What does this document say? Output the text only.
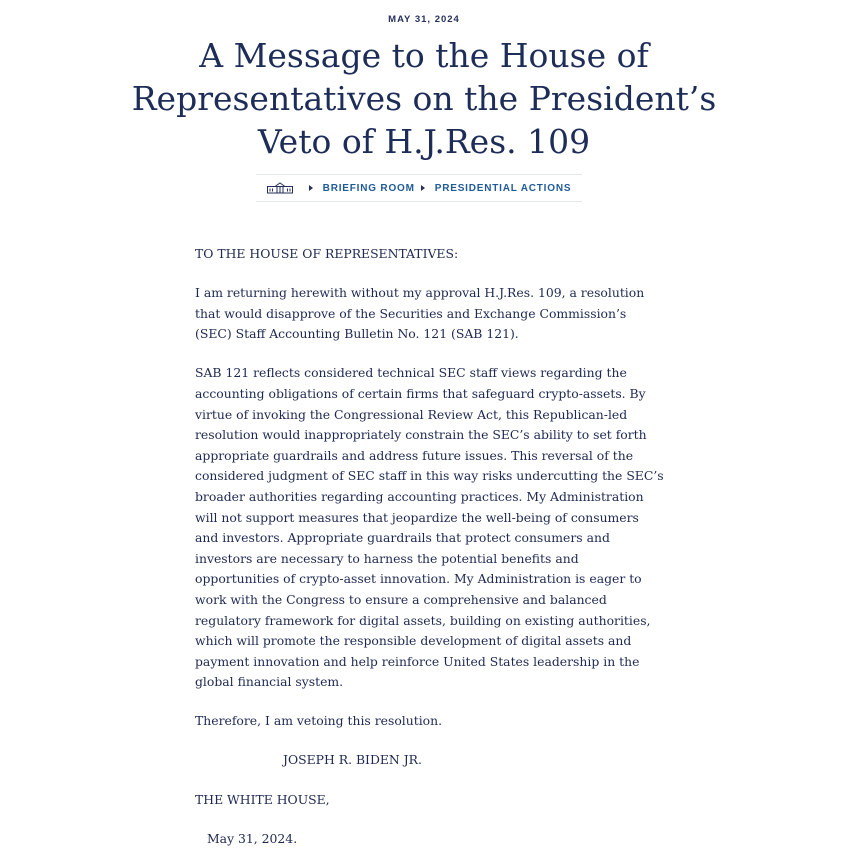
MAY 31, 2024
A Message to the House of Representatives on the President’s Veto of H.J.Res. 109
BRIEFING ROOM PRESIDENTIAL ACTIONS

TO THE HOUSE OF REPRESENTATIVES:

I am returning herewith without my approval H.J.Res. 109, a resolution that would disapprove of the Securities and Exchange Commission’s (SEC) Staff Accounting Bulletin No. 121 (SAB 121).

SAB 121 reflects considered technical SEC staff views regarding the accounting obligations of certain firms that safeguard crypto-assets. By virtue of invoking the Congressional Review Act, this Republican-led resolution would inappropriately constrain the SEC’s ability to set forth appropriate guardrails and address future issues. This reversal of the considered judgment of SEC staff in this way risks undercutting the SEC’s broader authorities regarding accounting practices. My Administration will not support measures that jeopardize the well-being of consumers and investors. Appropriate guardrails that protect consumers and investors are necessary to harness the potential benefits and opportunities of crypto-asset innovation. My Administration is eager to work with the Congress to ensure a comprehensive and balanced regulatory framework for digital assets, building on existing authorities, which will promote the responsible development of digital assets and payment innovation and help reinforce United States leadership in the global financial system.

Therefore, I am vetoing this resolution.

JOSEPH R. BIDEN JR.

THE WHITE HOUSE,

May 31, 2024.
